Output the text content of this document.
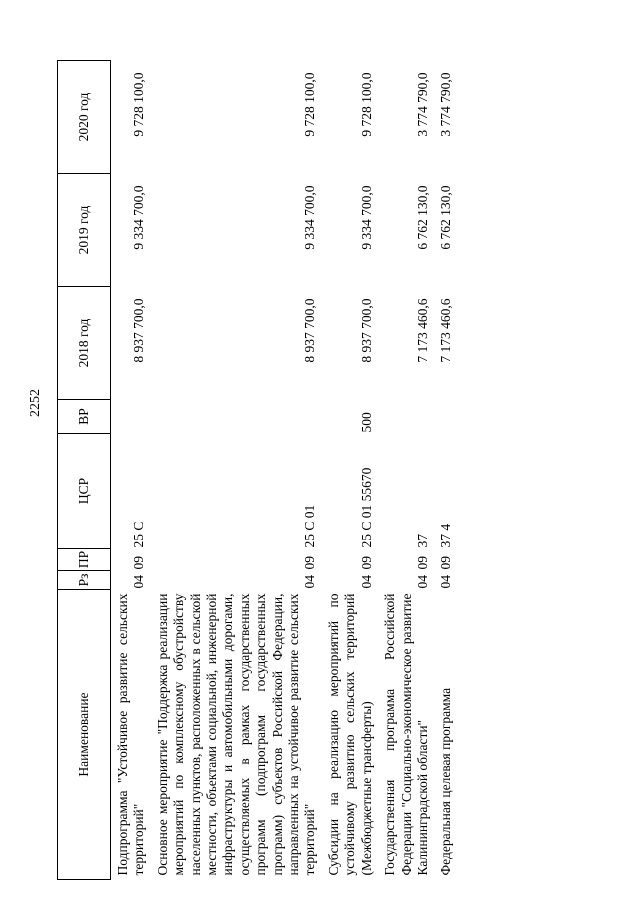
2252
Наименование	Рз	ПР	ЦСР	ВР	2018 год	2019 год	2020 год
Подпрограмма "Устойчивое развитие сельских территорий"	04	09	25 С		8 937 700,0	9 334 700,0	9 728 100,0
Основное мероприятие "Поддержка реализации мероприятий по комплексному обустройству населенных пунктов, расположенных в сельской местности, объектами социальной, инженерной инфраструктуры и автомобильными дорогами, осуществляемых в рамках государственных программ (подпрограмм государственных программ) субъектов Российской Федерации, направленных на устойчивое развитие сельских территорий"	04	09	25 С 01		8 937 700,0	9 334 700,0	9 728 100,0
Субсидии на реализацию мероприятий по устойчивому развитию сельских территорий (Межбюджетные трансферты)	04	09	25 С 01 55670	500	8 937 700,0	9 334 700,0	9 728 100,0
Государственная программа Российской Федерации "Социально-экономическое развитие Калининградской области"	04	09	37		7 173 460,6	6 762 130,0	3 774 790,0
Федеральная целевая программа	04	09	37 4		7 173 460,6	6 762 130,0	3 774 790,0
